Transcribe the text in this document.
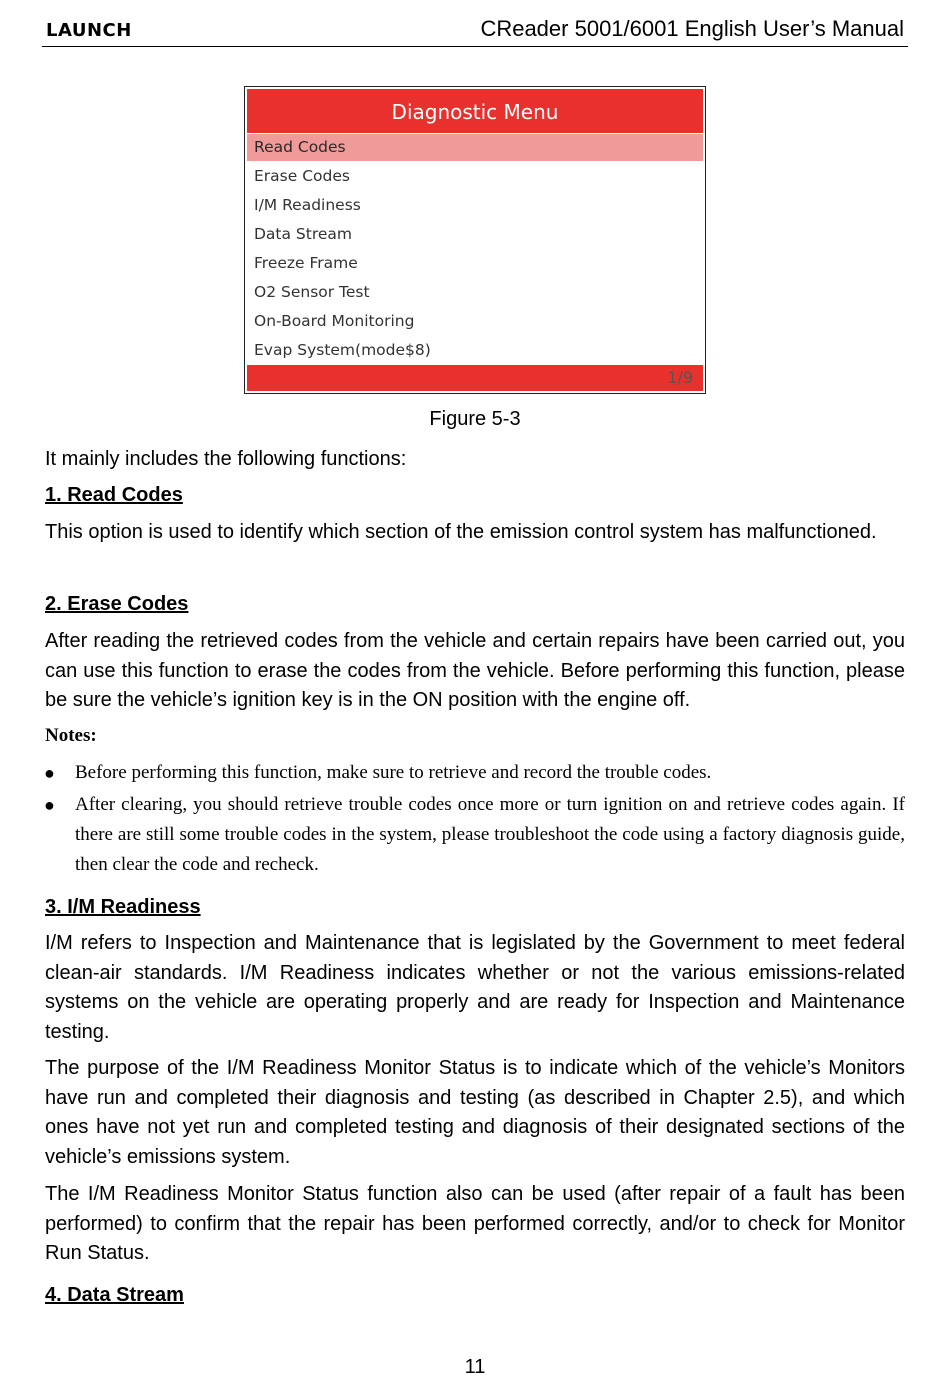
LAUNCH	CReader 5001/6001 English User’s Manual
Diagnostic Menu
Read Codes
Erase Codes
I/M Readiness
Data Stream
Freeze Frame
O2 Sensor Test
On-Board Monitoring
Evap System(mode$8)
1/9
Figure 5-3
It mainly includes the following functions:
1. Read Codes
This option is used to identify which section of the emission control system has malfunctioned.
2. Erase Codes
After reading the retrieved codes from the vehicle and certain repairs have been carried out, you can use this function to erase the codes from the vehicle. Before performing this function, please be sure the vehicle’s ignition key is in the ON position with the engine off.
Notes:
● Before performing this function, make sure to retrieve and record the trouble codes.
● After clearing, you should retrieve trouble codes once more or turn ignition on and retrieve codes again. If there are still some trouble codes in the system, please troubleshoot the code using a factory diagnosis guide, then clear the code and recheck.
3. I/M Readiness
I/M refers to Inspection and Maintenance that is legislated by the Government to meet federal clean-air standards. I/M Readiness indicates whether or not the various emissions-related systems on the vehicle are operating properly and are ready for Inspection and Maintenance testing.
The purpose of the I/M Readiness Monitor Status is to indicate which of the vehicle’s Monitors have run and completed their diagnosis and testing (as described in Chapter 2.5), and which ones have not yet run and completed testing and diagnosis of their designated sections of the vehicle’s emissions system.
The I/M Readiness Monitor Status function also can be used (after repair of a fault has been performed) to confirm that the repair has been performed correctly, and/or to check for Monitor Run Status.
4. Data Stream
11
